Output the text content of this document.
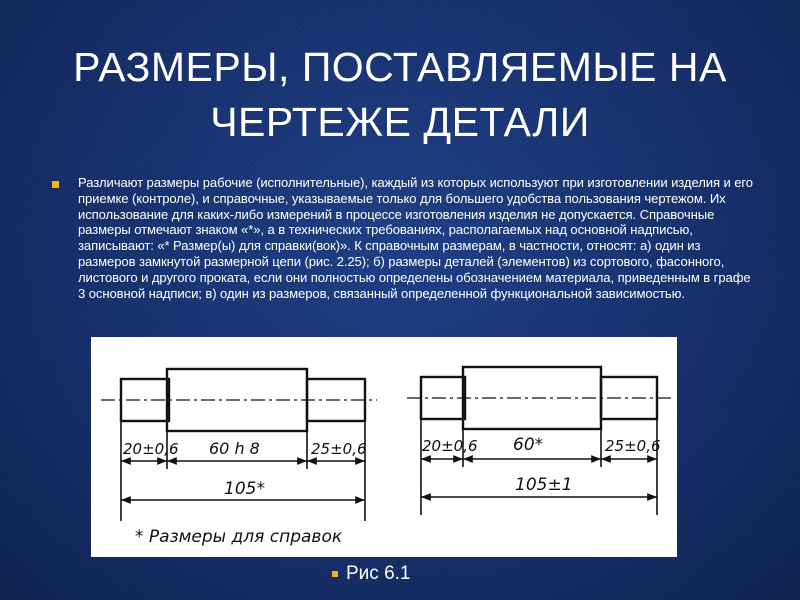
РАЗМЕРЫ, ПОСТАВЛЯЕМЫЕ НА
ЧЕРТЕЖЕ ДЕТАЛИ
Различают размеры рабочие (исполнительные), каждый из которых используют при изготовлении изделия и его приемке (контроле), и справочные, указываемые только для большего удобства пользования чертежом. Их использование для каких-либо измерений в процессе изготовления изделия не допускается. Справочные размеры отмечают знаком «*», а в технических требованиях, располагаемых над основной надписью, записывают: «* Размер(ы) для справки(вок)». К справочным размерам, в частности, относят: а) один из размеров замкнутой размерной цепи (рис. 2.25); б) размеры деталей (элементов) из сортового, фасонного, листового и другого проката, если они полностью определены обозначением материала, приведенным в графе 3 основной надписи; в) один из размеров, связанный определенной функциональной зависимостью.
20±0,6 60 h 8	25±0,6
105*
20±0,6 60*	25±0,6
105±1
* Размеры для справок
Рис 6.1
